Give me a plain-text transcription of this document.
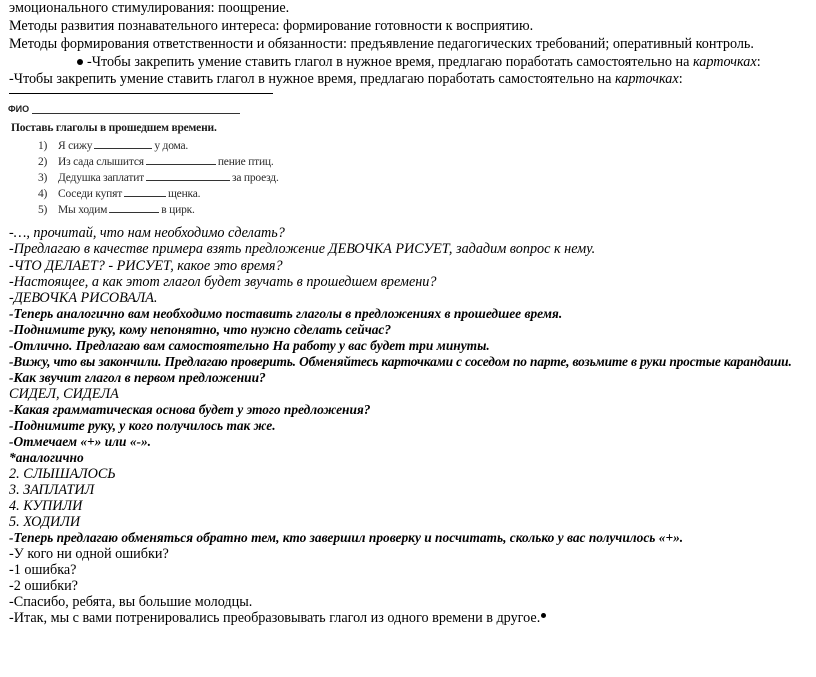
эмоционального стимулирования: поощрение.
Методы развития познавательного интереса: формирование готовности к восприятию.
Методы формирования ответственности и обязанности: предъявление педагогических требований; оперативный контроль.
-Чтобы закрепить умение ставить глагол в нужное время, предлагаю поработать самостоятельно на карточках:
-Чтобы закрепить умение ставить глагол в нужное время, предлагаю поработать самостоятельно на карточках:
ФИО
Поставь глаголы в прошедшем времени.
1) Я сижу	у дома.
2) Из сада слышится	пение птиц.
3) Дедушка заплатит	за проезд.
4) Соседи купят	щенка.
5) Мы ходим	в цирк.
-…, прочитай, что нам необходимо сделать?
-Предлагаю в качестве примера взять предложение ДЕВОЧКА РИСУЕТ, зададим вопрос к нему.
-ЧТО ДЕЛАЕТ? - РИСУЕТ, какое это время?
-Настоящее, а как этот глагол будет звучать в прошедшем времени?
-ДЕВОЧКА РИСОВАЛА.
-Теперь аналогично вам необходимо поставить глаголы в предложениях в прошедшее время.
-Поднимите руку, кому непонятно, что нужно сделать сейчас?
-Отлично. Предлагаю вам самостоятельно На работу у вас будет три минуты.
-Вижу, что вы закончили. Предлагаю проверить. Обменяйтесь карточками с соседом по парте, возьмите в руки простые карандаши.
-Как звучит глагол в первом предложении?
СИДЕЛ, СИДЕЛА
-Какая грамматическая основа будет у этого предложения?
-Поднимите руку, у кого получилось так же.
-Отмечаем «+» или «-».
*аналогично
2. СЛЫШАЛОСЬ
3. ЗАПЛАТИЛ
4. КУПИЛИ
5. ХОДИЛИ
-Теперь предлагаю обменяться обратно тем, кто завершил проверку и посчитать, сколько у вас получилось «+».
-У кого ни одной ошибки?
-1 ошибка?
-2 ошибки?
-Спасибо, ребята, вы большие молодцы.
-Итак, мы с вами потренировались преобразовывать глагол из одного времени в другое.
